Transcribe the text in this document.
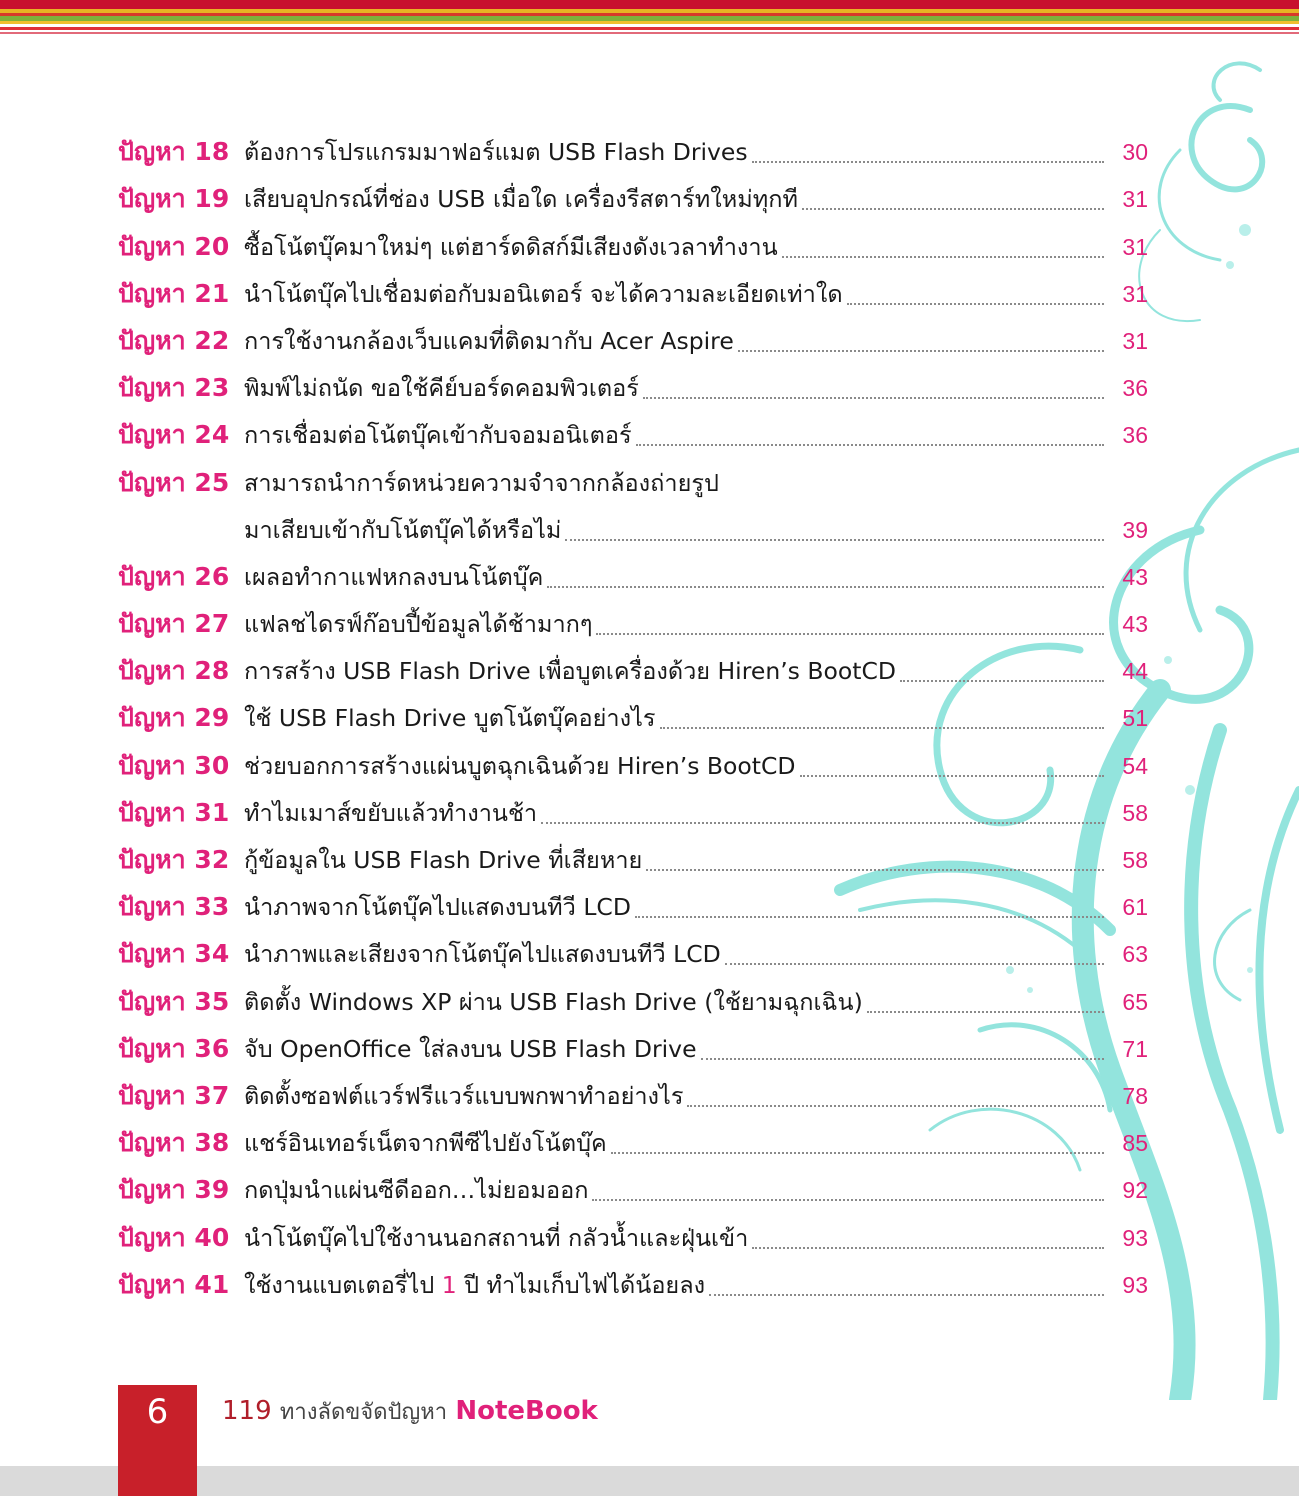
ปัญหา 18 ต้องการโปรแกรมมาฟอร์แมต USB Flash Drives	30
ปัญหา 19 เสียบอุปกรณ์ที่ช่อง USB เมื่อใด เครื่องรีสตาร์ทใหม่ทุกที	31
ปัญหา 20 ซื้อโน้ตบุ๊คมาใหม่ๆ แต่ฮาร์ดดิสก์มีเสียงดังเวลาทำงาน	31
ปัญหา 21 นำโน้ตบุ๊คไปเชื่อมต่อกับมอนิเตอร์ จะได้ความละเอียดเท่าใด	31
ปัญหา 22 การใช้งานกล้องเว็บแคมที่ติดมากับ Acer Aspire	31
ปัญหา 23 พิมพ์ไม่ถนัด ขอใช้คีย์บอร์ดคอมพิวเตอร์	36
ปัญหา 24 การเชื่อมต่อโน้ตบุ๊คเข้ากับจอมอนิเตอร์	36
ปัญหา 25 สามารถนำการ์ดหน่วยความจำจากกล้องถ่ายรูป
มาเสียบเข้ากับโน้ตบุ๊คได้หรือไม่	39
ปัญหา 26 เผลอทำกาแฟหกลงบนโน้ตบุ๊ค	43
ปัญหา 27 แฟลชไดรฟ์ก๊อบปี้ข้อมูลได้ช้ามากๆ	43
ปัญหา 28 การสร้าง USB Flash Drive เพื่อบูตเครื่องด้วย Hiren’s BootCD	44
ปัญหา 29 ใช้ USB Flash Drive บูตโน้ตบุ๊คอย่างไร	51
ปัญหา 30 ช่วยบอกการสร้างแผ่นบูตฉุกเฉินด้วย Hiren’s BootCD	54
ปัญหา 31 ทำไมเมาส์ขยับแล้วทำงานช้า	58
ปัญหา 32 กู้ข้อมูลใน USB Flash Drive ที่เสียหาย	58
ปัญหา 33 นำภาพจากโน้ตบุ๊คไปแสดงบนทีวี LCD	61
ปัญหา 34 นำภาพและเสียงจากโน้ตบุ๊คไปแสดงบนทีวี LCD	63
ปัญหา 35 ติดตั้ง Windows XP ผ่าน USB Flash Drive (ใช้ยามฉุกเฉิน)	65
ปัญหา 36 จับ OpenOffice ใส่ลงบน USB Flash Drive	71
ปัญหา 37 ติดตั้งซอฟต์แวร์ฟรีแวร์แบบพกพาทำอย่างไร	78
ปัญหา 38 แชร์อินเทอร์เน็ตจากพีซีไปยังโน้ตบุ๊ค	85
ปัญหา 39 กดปุ่มนำแผ่นซีดีออก…ไม่ยอมออก	92
ปัญหา 40 นำโน้ตบุ๊คไปใช้งานนอกสถานที่ กลัวน้ำและฝุ่นเข้า	93
ปัญหา 41 ใช้งานแบตเตอรี่ไป 1 ปี ทำไมเก็บไฟได้น้อยลง	93
6	119 ทางลัดขจัดปัญหา NoteBook
